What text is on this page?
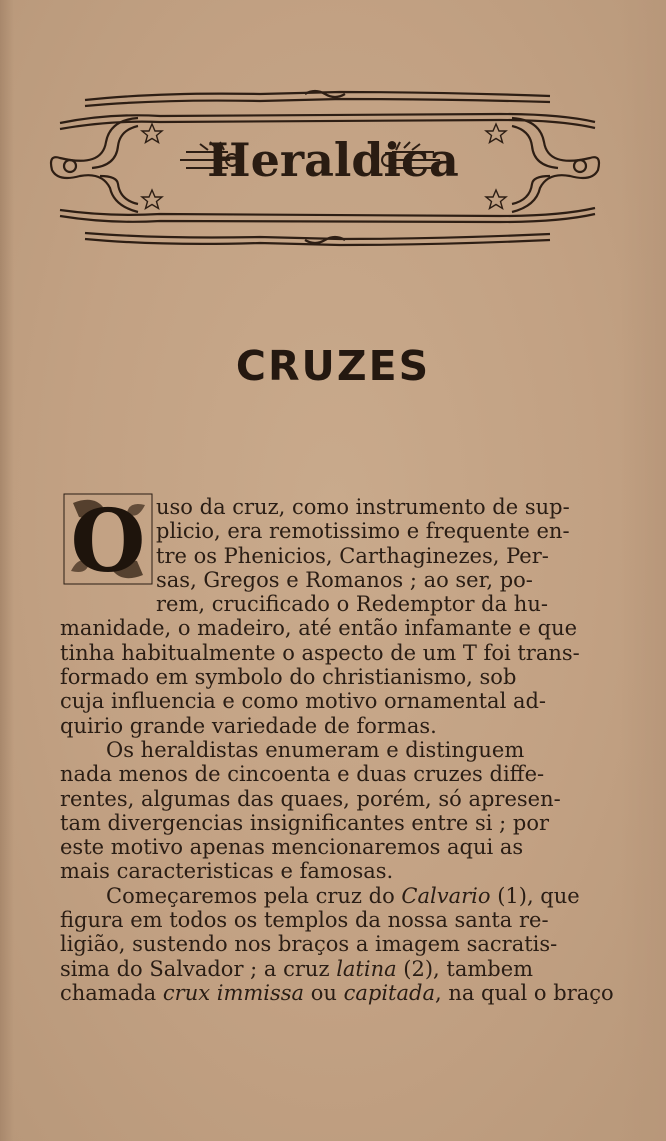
Heraldica
CRUZES
O uso da cruz, como instrumento de sup-
plicio, era remotissimo e frequente en-
tre os Phenicios, Carthaginezes, Per-
sas, Gregos e Romanos ; ao ser, po-
rem, crucificado o Redemptor da hu-
manidade, o madeiro, até então infamante e que
tinha habitualmente o aspecto de um T foi trans-
formado em symbolo do christianismo, sob
cuja influencia e como motivo ornamental ad-
quirio grande variedade de formas.
Os heraldistas enumeram e distinguem
nada menos de cincoenta e duas cruzes diffe-
rentes, algumas das quaes, porém, só apresen-
tam divergencias insignificantes entre si ; por
este motivo apenas mencionaremos aqui as
mais caracteristicas e famosas.
Começaremos pela cruz do Calvario (1), que
figura em todos os templos da nossa santa re-
ligião, sustendo nos braços a imagem sacratis-
sima do Salvador ; a cruz latina (2), tambem
chamada crux immissa ou capitada , na qual o braço
